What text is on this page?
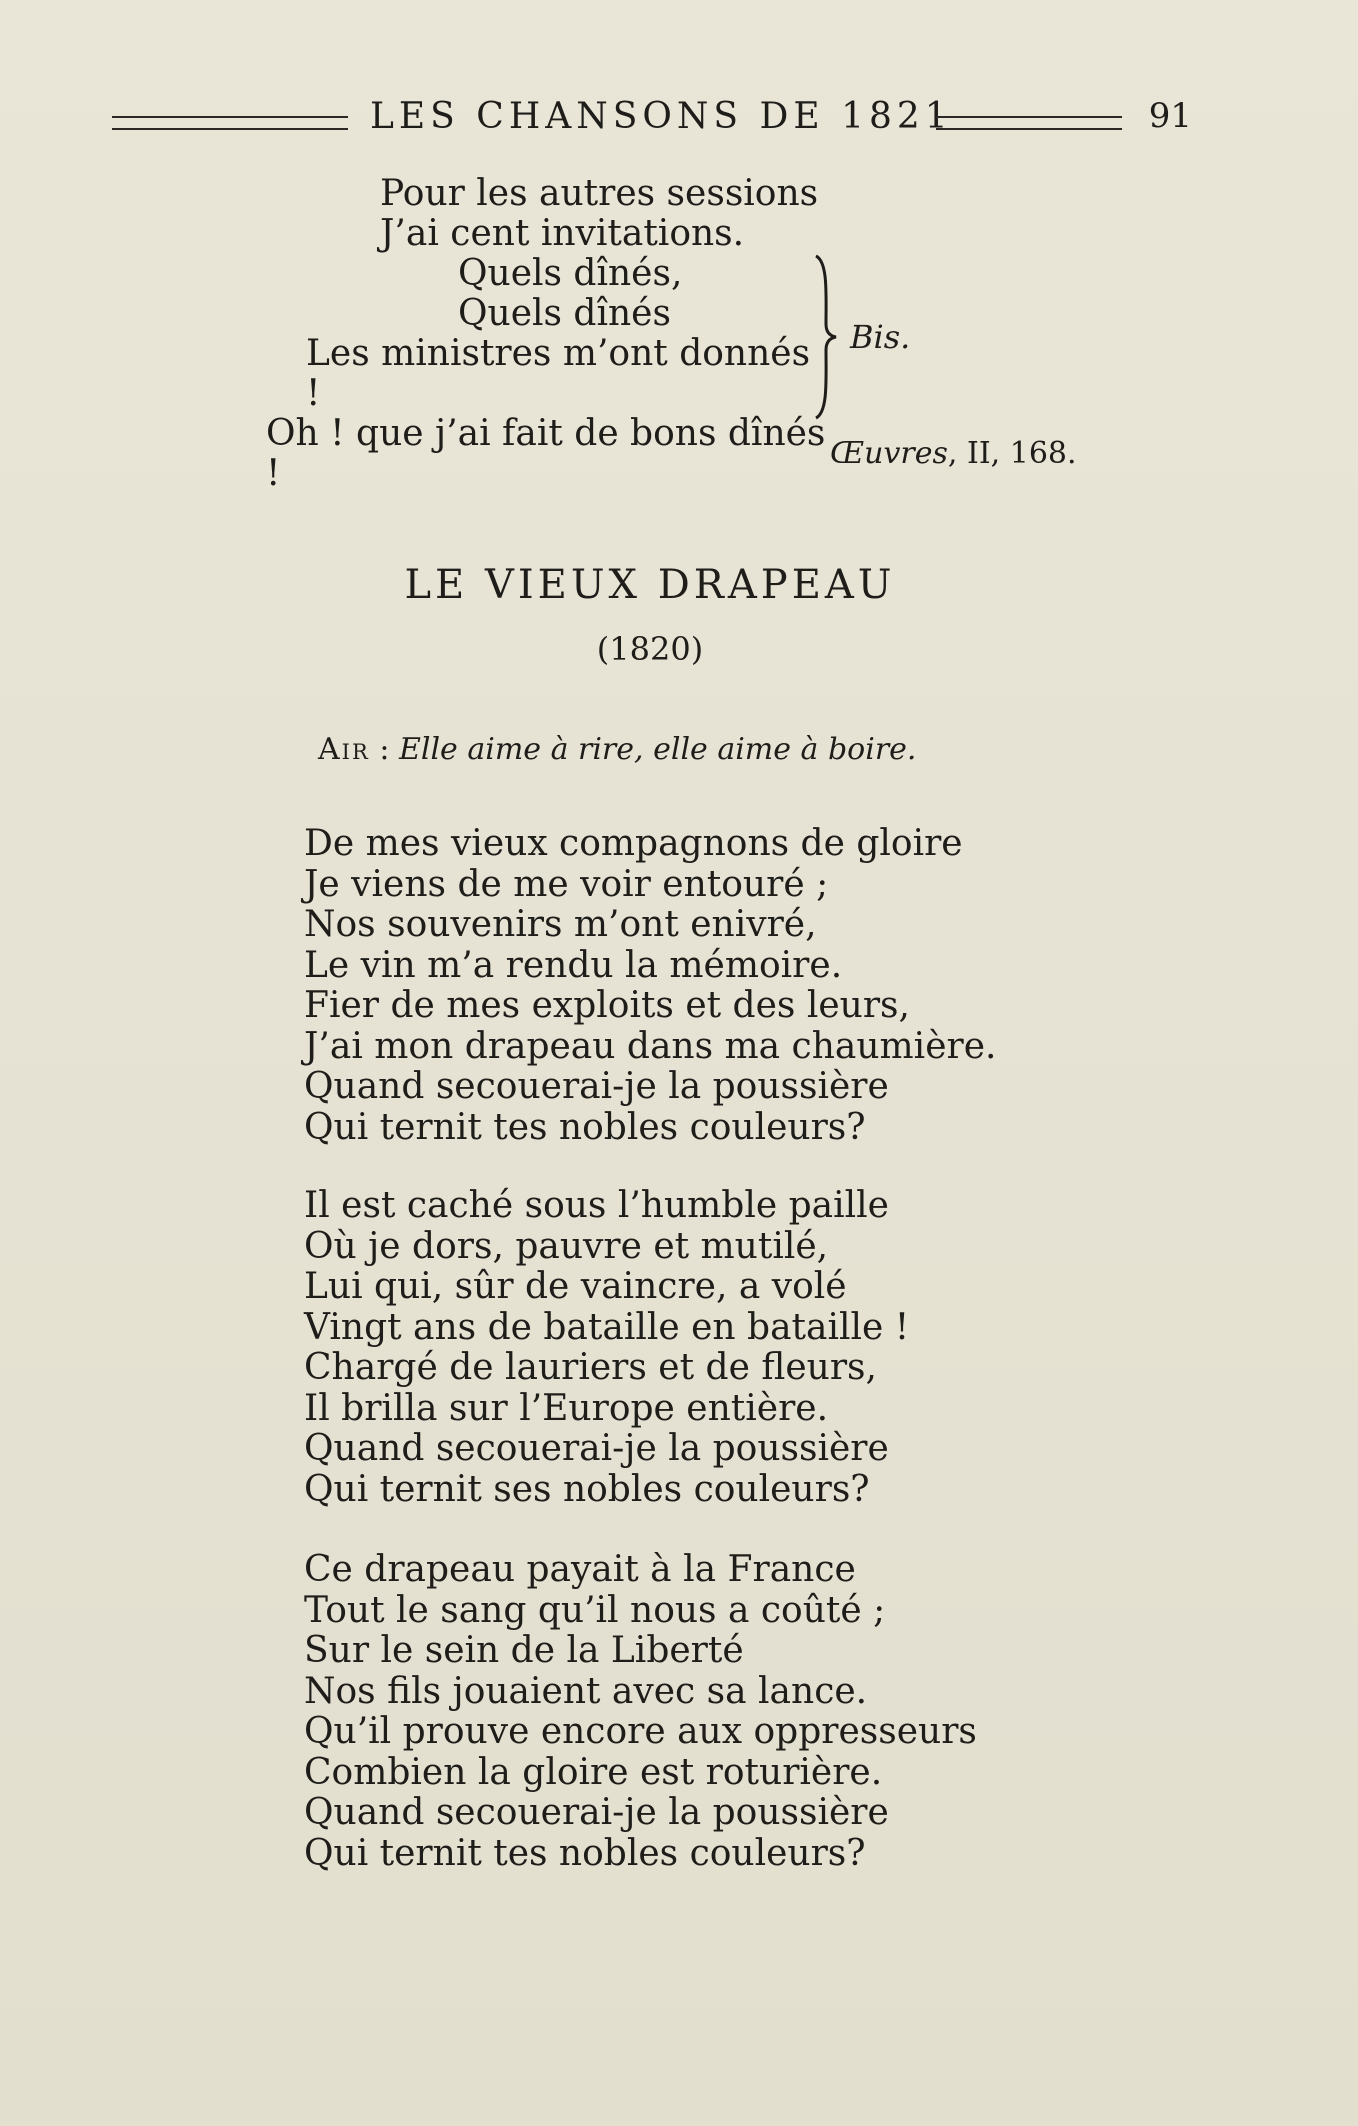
LES CHANSONS DE 1821	91
Pour les autres sessions
J’ai cent invitations.
Quels dînés,
Quels dînés
Les ministres m’ont donnés !
Oh ! que j’ai fait de bons dînés !
Bis.
Œuvres, II, 168.
LE VIEUX DRAPEAU
(1820)
Air : Elle aime à rire, elle aime à boire.
De mes vieux compagnons de gloire
Je viens de me voir entouré ;
Nos souvenirs m’ont enivré,
Le vin m’a rendu la mémoire.
Fier de mes exploits et des leurs,
J’ai mon drapeau dans ma chaumière.
Quand secouerai-je la poussière
Qui ternit tes nobles couleurs?
Il est caché sous l’humble paille
Où je dors, pauvre et mutilé,
Lui qui, sûr de vaincre, a volé
Vingt ans de bataille en bataille !
Chargé de lauriers et de fleurs,
Il brilla sur l’Europe entière.
Quand secouerai-je la poussière
Qui ternit ses nobles couleurs?
Ce drapeau payait à la France
Tout le sang qu’il nous a coûté ;
Sur le sein de la Liberté
Nos fils jouaient avec sa lance.
Qu’il prouve encore aux oppresseurs
Combien la gloire est roturière.
Quand secouerai-je la poussière
Qui ternit tes nobles couleurs?
